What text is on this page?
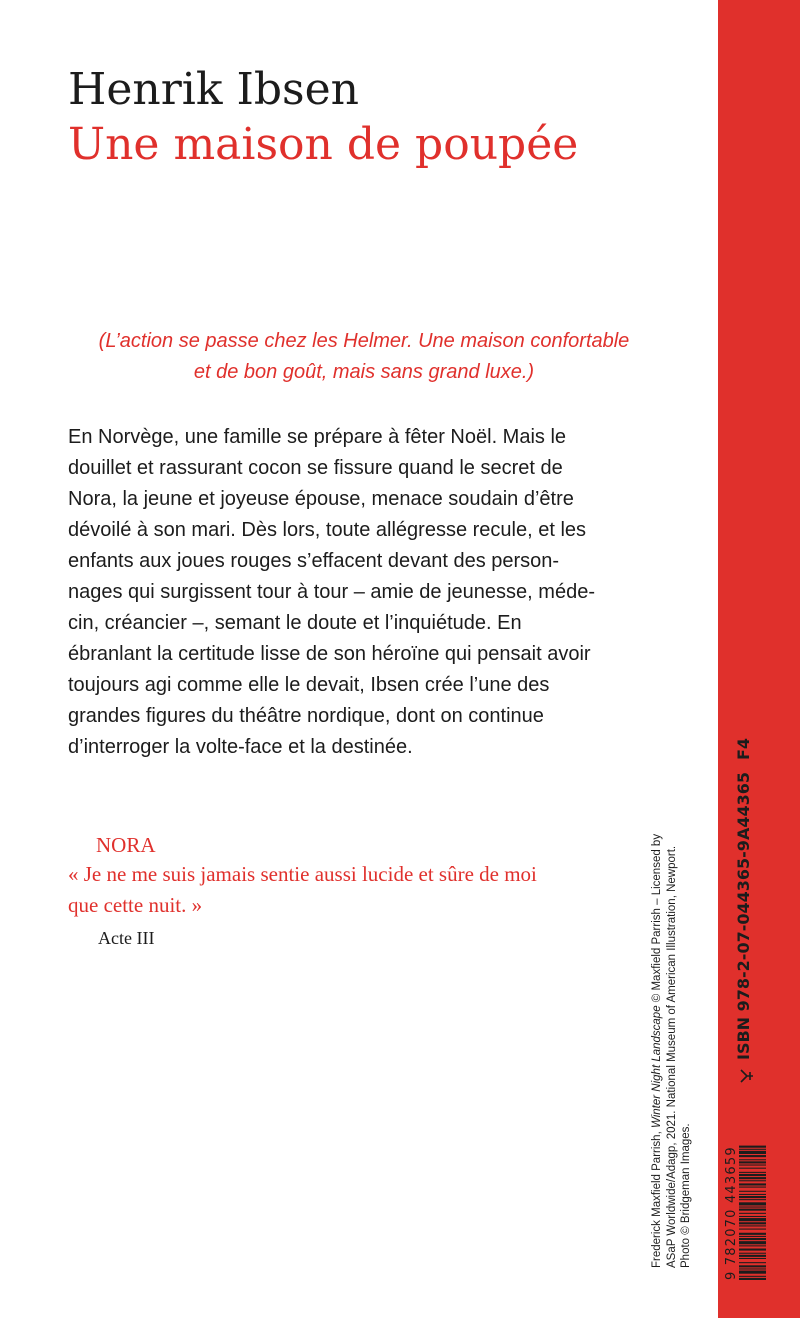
Henrik Ibsen
Une maison de poupée
(L’action se passe chez les Helmer. Une maison confortable
et de bon goût, mais sans grand luxe.)
En Norvège, une famille se prépare à fêter Noël. Mais le
douillet et rassurant cocon se fissure quand le secret de
Nora, la jeune et joyeuse épouse, menace soudain d’être
dévoilé à son mari. Dès lors, toute allégresse recule, et les
enfants aux joues rouges s’effacent devant des person-
nages qui surgissent tour à tour – amie de jeunesse, méde-
cin, créancier –, semant le doute et l’inquiétude. En
ébranlant la certitude lisse de son héroïne qui pensait avoir
toujours agi comme elle le devait, Ibsen crée l’une des
grandes figures du théâtre nordique, dont on continue
d’interroger la volte-face et la destinée.
NORA
« Je ne me suis jamais sentie aussi lucide et sûre de moi
que cette nuit. »
Acte III
Frederick Maxfield Parrish, Winter Night Landscape © Maxfield Parrish – Licensed by ASaP Worldwide/Adagp, 2021. National Museum of American Illustration, Newport. Photo © Bridgeman Images. 9 782070 443659
ISBN 978-2-07-044365-9
A44365
F4
